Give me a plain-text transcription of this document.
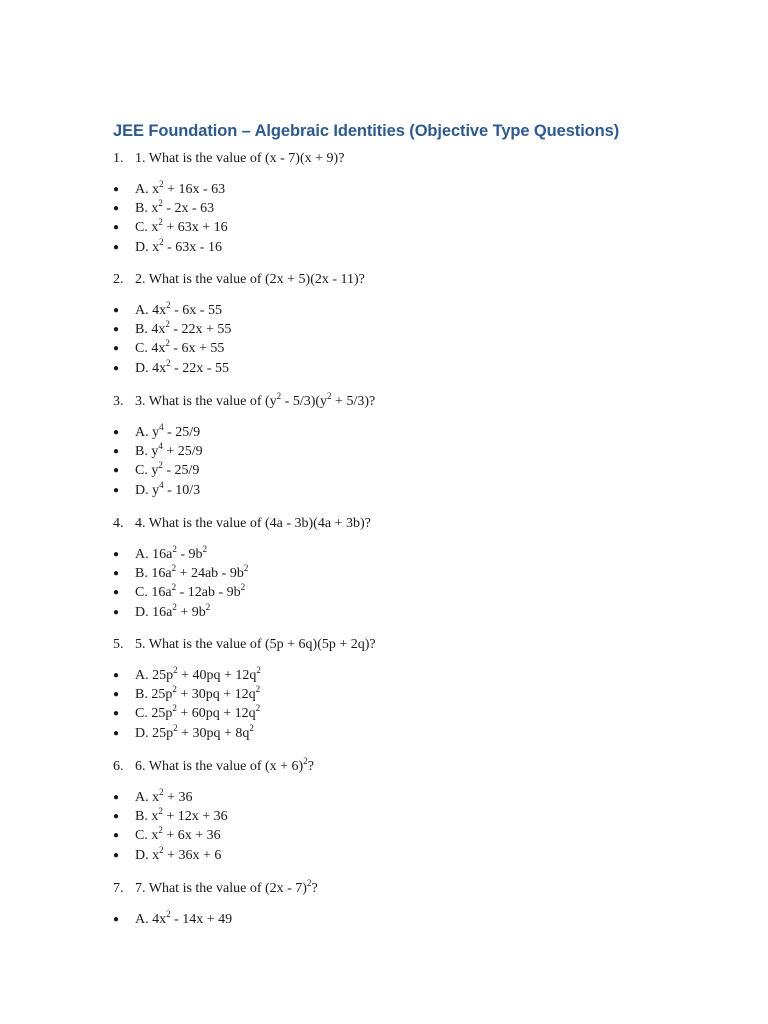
JEE Foundation – Algebraic Identities (Objective Type Questions)
1. 1. What is the value of (x - 7)(x + 9)?
● A. $x^2 + 16x - 63$
● B. $x^2 - 2x - 63$
● C. $x^2 + 63x + 16$
● D. $x^2 - 63x - 16$
2. 2. What is the value of (2x + 5)(2x - 11)?
● A. $4x^2 - 6x - 55$
● B. $4x^2 - 22x + 55$
● C. $4x^2 - 6x + 55$
● D. $4x^2 - 22x - 55$
3. 3. What is the value of $(y^2 - 5/3)(y^2 + 5/3)$?
● A. $y^4 - 25/9$
● B. $y^4 + 25/9$
● C. $y^2 - 25/9$
● D. $y^4 - 10/3$
4. 4. What is the value of (4a - 3b)(4a + 3b)?
● A. $16a^2 - 9b^2$
● B. $16a^2 + 24ab - 9b^2$
● C. $16a^2 - 12ab - 9b^2$
● D. $16a^2 + 9b^2$
5. 5. What is the value of (5p + 6q)(5p + 2q)?
● A. $25p^2 + 40pq + 12q^2$
● B. $25p^2 + 30pq + 12q^2$
● C. $25p^2 + 60pq + 12q^2$
● D. $25p^2 + 30pq + 8q^2$
6. 6. What is the value of $(x + 6)^2$?
● A. $x^2 + 36$
● B. $x^2 + 12x + 36$
● C. $x^2 + 6x + 36$
● D. $x^2 + 36x + 6$
7. 7. What is the value of (2x - 7)$^2$?
● A. $4x^2 - 14x + 49$
